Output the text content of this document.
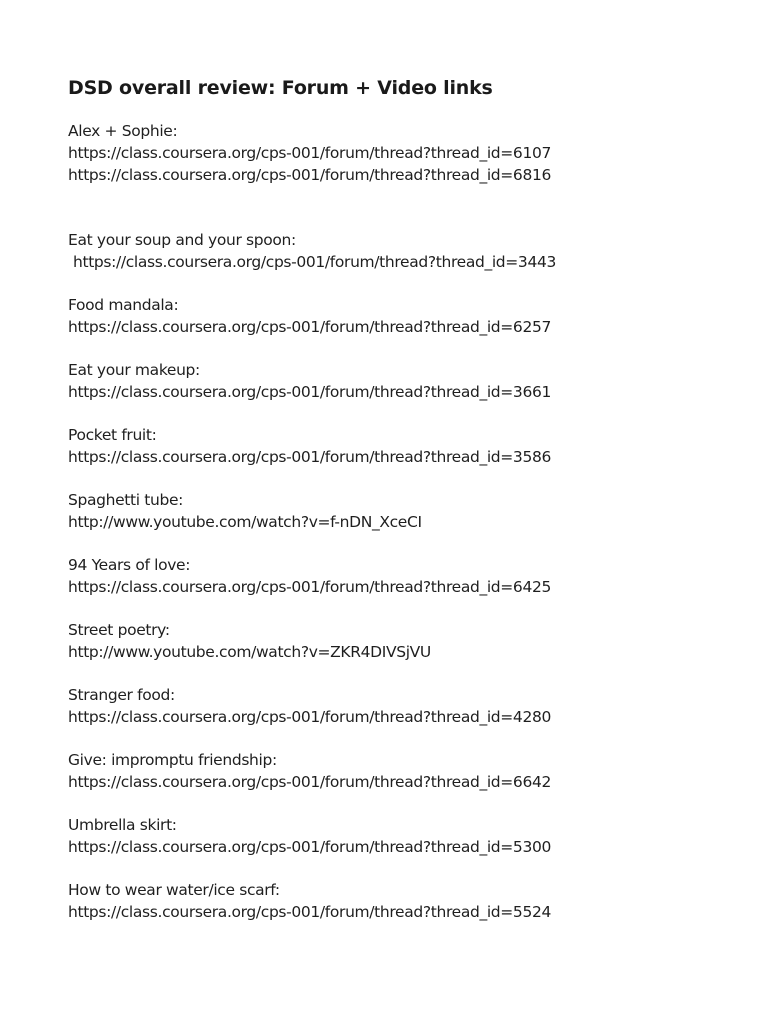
DSD overall review: Forum + Video links
Alex + Sophie:
https://class.coursera.org/cps-001/forum/thread?thread_id=6107
https://class.coursera.org/cps-001/forum/thread?thread_id=6816
Eat your soup and your spoon:
https://class.coursera.org/cps-001/forum/thread?thread_id=3443
Food mandala:
https://class.coursera.org/cps-001/forum/thread?thread_id=6257
Eat your makeup:
https://class.coursera.org/cps-001/forum/thread?thread_id=3661
Pocket fruit:
https://class.coursera.org/cps-001/forum/thread?thread_id=3586
Spaghetti tube:
http://www.youtube.com/watch?v=f-nDN_XceCI
94 Years of love:
https://class.coursera.org/cps-001/forum/thread?thread_id=6425
Street poetry:
http://www.youtube.com/watch?v=ZKR4DIVSjVU
Stranger food:
https://class.coursera.org/cps-001/forum/thread?thread_id=4280
Give: impromptu friendship:
https://class.coursera.org/cps-001/forum/thread?thread_id=6642
Umbrella skirt:
https://class.coursera.org/cps-001/forum/thread?thread_id=5300
How to wear water/ice scarf:
https://class.coursera.org/cps-001/forum/thread?thread_id=5524
